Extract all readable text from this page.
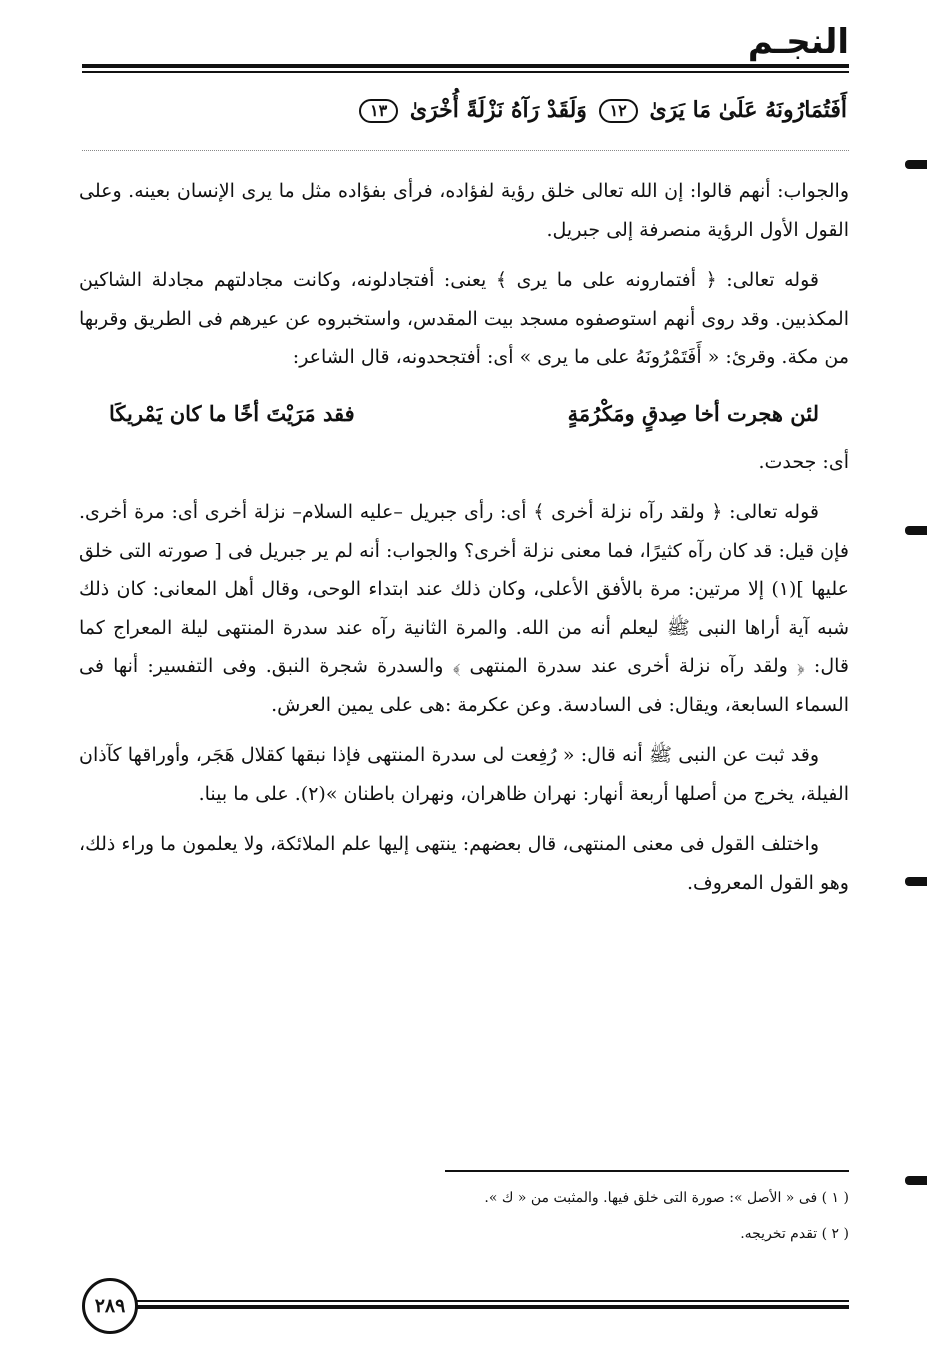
النجـم
أَفَتُمَارُونَهُ عَلَىٰ مَا يَرَىٰ ١٢ وَلَقَدْ رَآهُ نَزْلَةً أُخْرَىٰ ١٣

والجواب: أنهم قالوا: إن الله تعالى خلق رؤية لفؤاده، فرأى بفؤاده مثل ما يرى الإنسان بعينه. وعلى القول الأول الرؤية منصرفة إلى جبريل.

قوله تعالى: ﴿ أفتمارونه على ما يرى ﴾ يعنى: أفتجادلونه، وكانت مجادلتهم مجادلة الشاكين المكذبين. وقد روى أنهم استوصفوه مسجد بيت المقدس، واستخبروه عن عيرهم فى الطريق وقربها من مكة. وقرئ: « أَفَتَمْرُونَهُ على ما يرى » أى: أفتجحدونه، قال الشاعر:

لئن هجرت أخا صِدقٍ ومَكْرُمَةٍ
فقد مَرَيْتَ أخًا ما كان يَمْريكَا

أى: جحدت.

قوله تعالى: ﴿ ولقد رآه نزلة أخرى ﴾ أى: رأى جبريل –عليه السلام– نزلة أخرى أى: مرة أخرى. فإن قيل: قد كان رآه كثيرًا، فما معنى نزلة أخرى؟ والجواب: أنه لم ير جبريل فى [ صورته التى خلق عليها ](١) إلا مرتين: مرة بالأفق الأعلى، وكان ذلك عند ابتداء الوحى، وقال أهل المعانى: كان ذلك شبه آية أراها النبى ﷺ ليعلم أنه من الله. والمرة الثانية رآه عند سدرة المنتهى ليلة المعراج كما قال: ﴿ ولقد رآه نزلة أخرى عند سدرة المنتهى ﴾ والسدرة شجرة النبق. وفى التفسير: أنها فى السماء السابعة، ويقال: فى السادسة. وعن عكرمة :هى على يمين العرش.

وقد ثبت عن النبى ﷺ أنه قال: « رُفِعت لى سدرة المنتهى فإذا نبقها كقلال هَجَر، وأوراقها كآذان الفيلة، يخرج من أصلها أربعة أنهار: نهران ظاهران، ونهران باطنان »(٢). على ما بينا.

واختلف القول فى معنى المنتهى، قال بعضهم: ينتهى إليها علم الملائكة، ولا يعلمون ما وراء ذلك، وهو القول المعروف.

( ١ ) فى « الأصل »: صورة التى خلق فيها. والمثبت من « ك ».
( ٢ ) تقدم تخريجه.
٢٨٩
